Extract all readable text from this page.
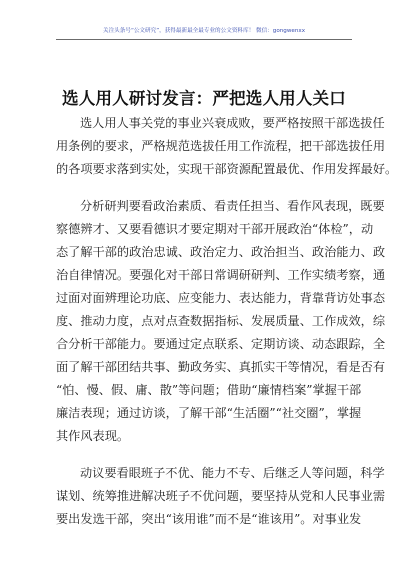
关注头条号“公文研究”，获得最新最全最专业的公文资料库！ 微信：gongwenxx
选人用人研讨发言：严把选人用人关口

选人用人事关党的事业兴衰成败，要严格按照干部选拔任
用条例的要求，严格规范选拔任用工作流程，把干部选拔任用
的各项要求落到实处，实现干部资源配置最优、作用发挥最好。

分析研判要看政治素质、看责任担当、看作风表现，既要
察德辨才、又要看德识才要定期对干部开展政治“体检”，动
态了解干部的政治忠诚、政治定力、政治担当、政治能力、政
治自律情况。要强化对干部日常调研研判、工作实绩考察，通
过面对面辨理论功底、应变能力、表达能力，背靠背访处事态
度、推动力度，点对点查数据指标、发展质量、工作成效，综
合分析干部能力。要通过定点联系、定期访谈、动态跟踪，全
面了解干部团结共事、勤政务实、真抓实干等情况，看是否有
“怕、慢、假、庸、散”等问题；借助“廉情档案”掌握干部
廉洁表现；通过访谈，了解干部“生活圈”“社交圈”，掌握
其作风表现。

动议要看眼班子不优、能力不专、后继乏人等问题，科学
谋划、统筹推进解决班子不优问题，要坚持从党和人民事业需
要出发选干部，突出“该用谁”而不是“谁该用”。对事业发
